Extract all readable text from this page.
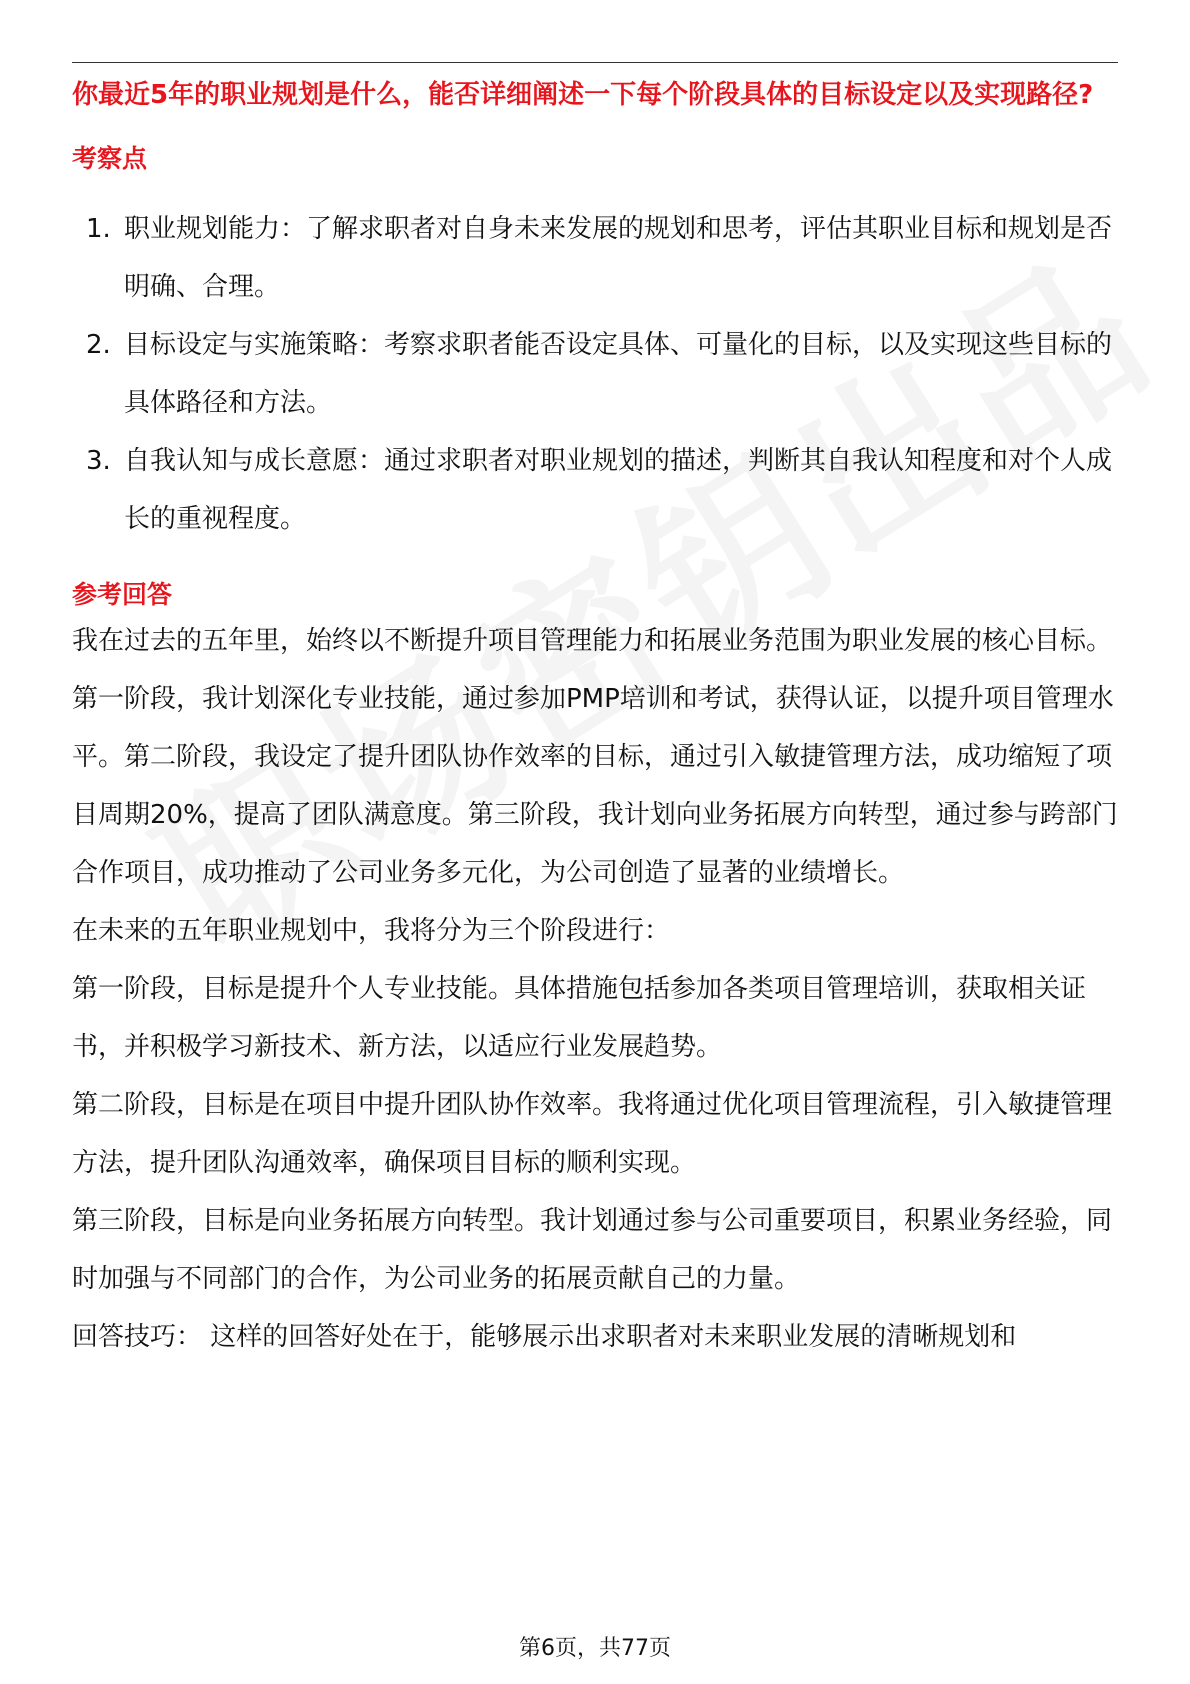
你最近5年的职业规划是什么，能否详细阐述一下每个阶段具体的目标设定以及实现路径?
考察点
1. 职业规划能力：了解求职者对自身未来发展的规划和思考，评估其职业目标和规划是否明确、合理。
2. 目标设定与实施策略：考察求职者能否设定具体、可量化的目标，以及实现这些目标的具体路径和方法。
3. 自我认知与成长意愿：通过求职者对职业规划的描述，判断其自我认知程度和对个人成长的重视程度。
参考回答

我在过去的五年里，始终以不断提升项目管理能力和拓展业务范围为职业发展的核心目标。第一阶段，我计划深化专业技能，通过参加PMP培训和考试，获得认证，以提升项目管理水平。第二阶段，我设定了提升团队协作效率的目标，通过引入敏捷管理方法，成功缩短了项目周期20%，提高了团队满意度。第三阶段，我计划向业务拓展方向转型，通过参与跨部门合作项目，成功推动了公司业务多元化，为公司创造了显著的业绩增长。

在未来的五年职业规划中，我将分为三个阶段进行：

第一阶段，目标是提升个人专业技能。具体措施包括参加各类项目管理培训，获取相关证书，并积极学习新技术、新方法，以适应行业发展趋势。

第二阶段，目标是在项目中提升团队协作效率。我将通过优化项目管理流程，引入敏捷管理方法，提升团队沟通效率，确保项目目标的顺利实现。

第三阶段，目标是向业务拓展方向转型。我计划通过参与公司重要项目，积累业务经验，同时加强与不同部门的合作，为公司业务的拓展贡献自己的力量。

回答技巧： 这样的回答好处在于，能够展示出求职者对未来职业发展的清晰规划和

第6页，共77页
